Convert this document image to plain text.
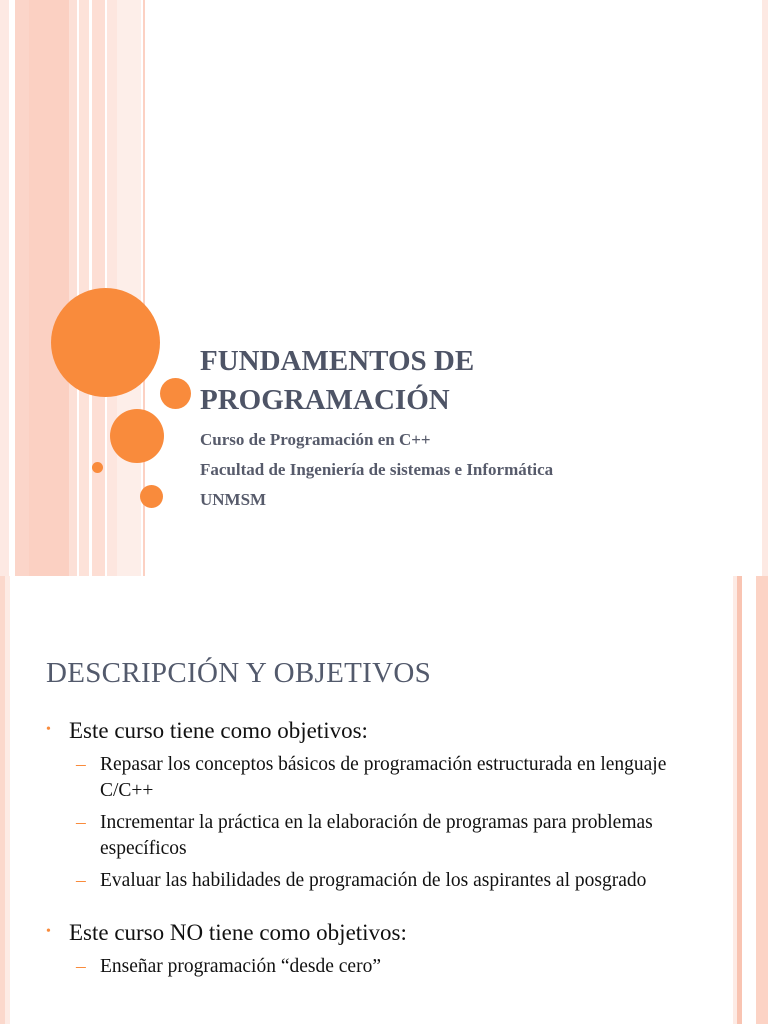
FUNDAMENTOS DE
PROGRAMACIÓN
Curso de Programación en C++
Facultad de Ingeniería de sistemas e Informática
UNMSM
DESCRIPCIÓN Y OBJETIVOS
• Este curso tiene como objetivos:
– Repasar los conceptos básicos de programación estructurada en lenguaje C/C++
– Incrementar la práctica en la elaboración de programas para problemas específicos
– Evaluar las habilidades de programación de los aspirantes al posgrado
• Este curso NO tiene como objetivos:
– Enseñar programación “desde cero”
